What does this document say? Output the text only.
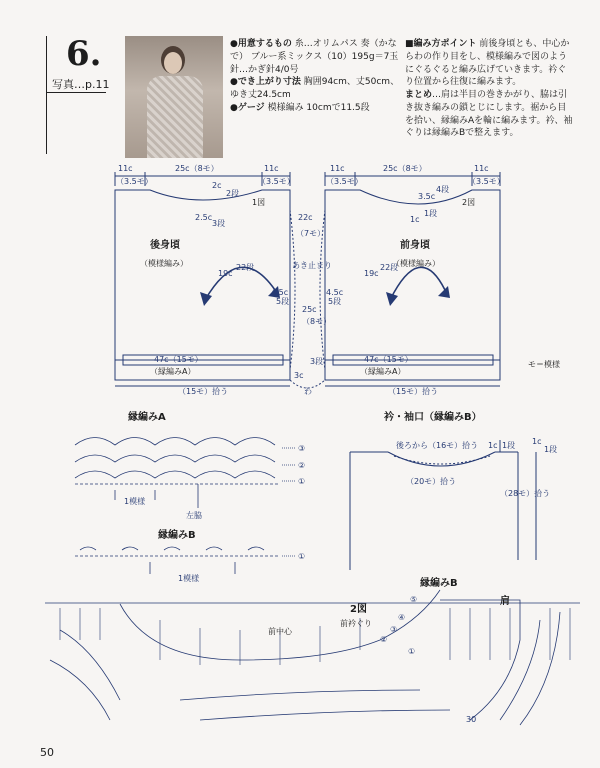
6.
写真…p.11
●用意するもの 糸…オリムパス 奏（かなで） ブルー系ミックス（10）195g＝7玉 針…かぎ針4/0号
●でき上がり寸法 胸囲94cm、丈50cm、ゆき丈24.5cm
●ゲージ 模様編み 10cmで11.5段
■編み方ポイント 前後身頃とも、中心からわの作り目をし、模様編みで図のようにぐるぐると編み広げていきます。衿ぐり位置から往復に編みます。
まとめ…肩は半目の巻きかがり、脇は引き抜き編みの鎖とじにします。裾から目を拾い、縁編みAを輪に編みます。衿、袖ぐりは縁編みBで整えます。
11c
（3.5モ）
25c（8モ）	11c
（3.5モ）
2c
2段
2.5c
3段
1図
後身頃
（模様編み）
19c
22段
47c（15モ）
（縁編みA）
（15モ）拾う
11c
（3.5モ）
25c（8モ）	11c
（3.5モ）
3.5c
4段
1c
1段
2図
前身頃
（模様編み）
19c
22段
47c（15モ）
（縁編みA）
（15モ）拾う
22c
（7モ）
あき止まり
4.5c
5段
4.5c
5段
25c
（8モ）
3c
3段
わ
モ＝模様
縁編みA
1模様
左脇
③
②
①
縁編みB
1模様
①
衿・袖口（縁編みB）
後ろから（16モ）拾う
（20モ）拾う
（28モ）拾う
1c 1段 1c
1段
縁編みB
肩
2図
前衿ぐり
前中心
⑤
④
③
②
①
30
50
